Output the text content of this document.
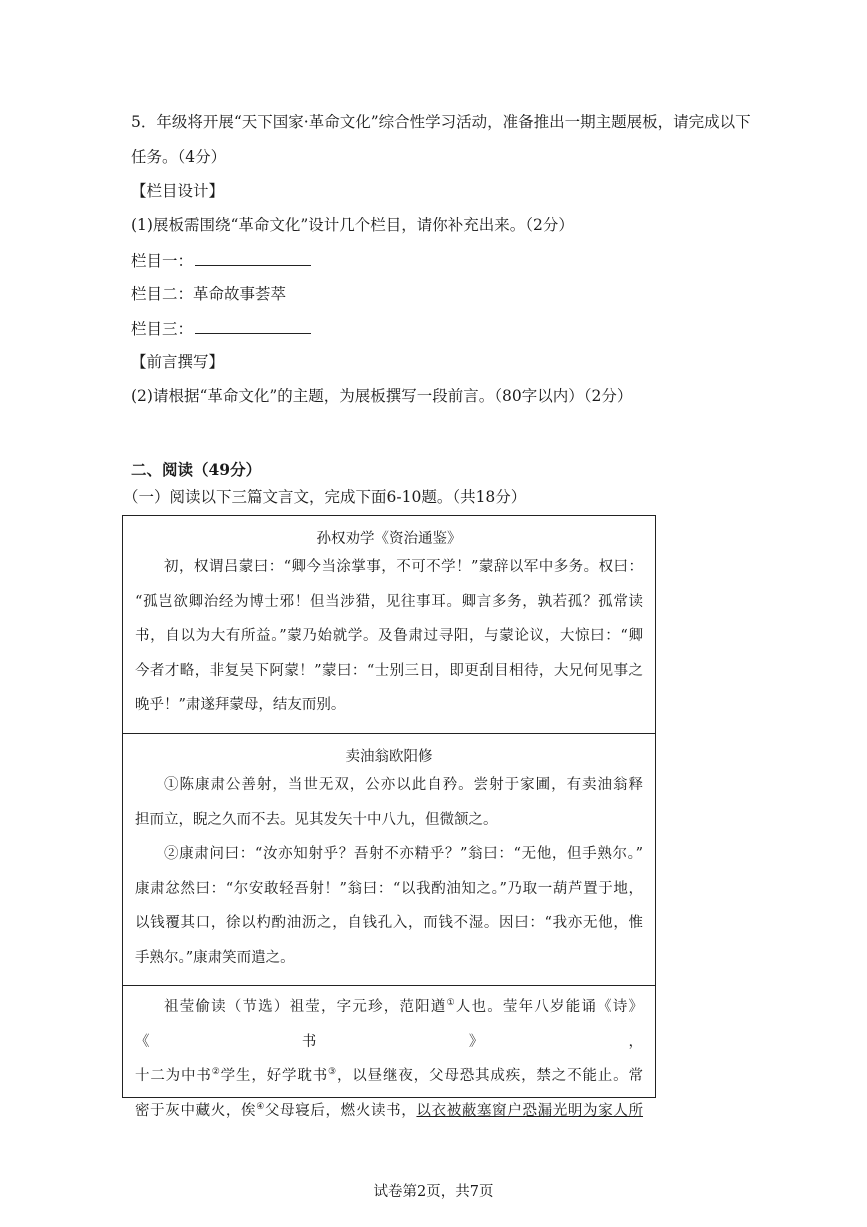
5．年级将开展“天下国家·革命文化”综合性学习活动，准备推出一期主题展板，请完成以下
任务。（4分）
【栏目设计】
(1)展板需围绕“革命文化”设计几个栏目，请你补充出来。（2分）
栏目一：
栏目二：革命故事荟萃
栏目三：
【前言撰写】
(2)请根据“革命文化”的主题，为展板撰写一段前言。（80字以内）（2分）
二、阅读（49分）
（一）阅读以下三篇文言文，完成下面6-10题。（共18分）
孙权劝学《资治通鉴》
初，权谓吕蒙曰：“卿今当涂掌事，不可不学！”蒙辞以军中多务。权曰：
“孤岂欲卿治经为博士邪！但当涉猎，见往事耳。卿言多务，孰若孤？孤常读
书，自以为大有所益。”蒙乃始就学。及鲁肃过寻阳，与蒙论议，大惊曰：“卿
今者才略，非复吴下阿蒙！”蒙曰：“士别三日，即更刮目相待，大兄何见事之
晚乎！”肃遂拜蒙母，结友而别。
卖油翁欧阳修
①陈康肃公善射，当世无双，公亦以此自矜。尝射于家圃，有卖油翁释
担而立，睨之久而不去。见其发矢十中八九，但微颔之。
②康肃问曰：“汝亦知射乎？吾射不亦精乎？”翁曰：“无他，但手熟尔。”
康肃忿然曰：“尔安敢轻吾射！”翁曰：“以我酌油知之。”乃取一葫芦置于地，
以钱覆其口，徐以杓酌油沥之，自钱孔入，而钱不湿。因曰：“我亦无他，惟
手熟尔。”康肃笑而遣之。
祖莹偷读（节选）祖莹，字元珍，范阳遒①人也。莹年八岁能诵《诗》《书》，
十二为中书②学生，好学耽书③，以昼继夜，父母恐其成疾，禁之不能止。常
密于灰中藏火，俟④父母寝后，燃火读书，以衣被蔽塞窗户恐漏光明为家人所
试卷第2页，共7页
